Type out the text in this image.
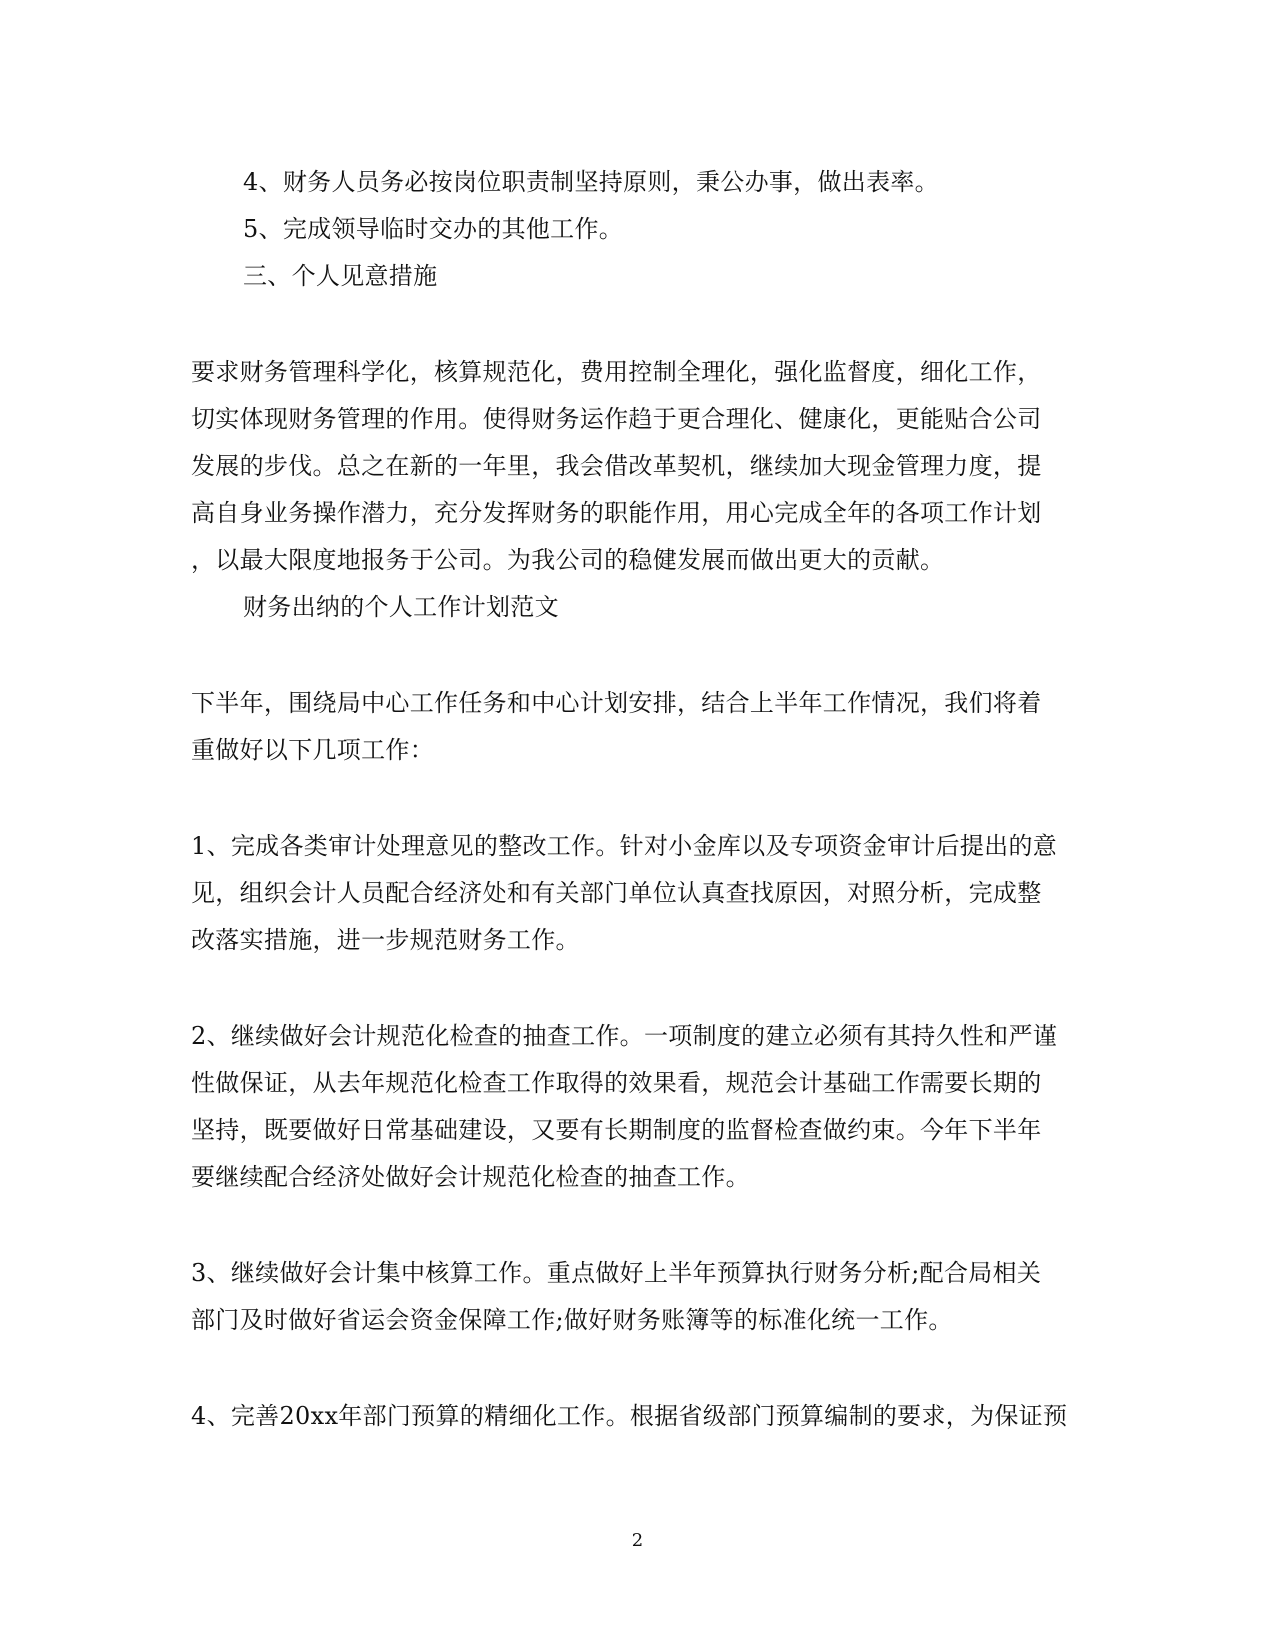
4、财务人员务必按岗位职责制坚持原则，秉公办事，做出表率。
5、完成领导临时交办的其他工作。
三、个人见意措施
要求财务管理科学化，核算规范化，费用控制全理化，强化监督度，细化工作，
切实体现财务管理的作用。使得财务运作趋于更合理化、健康化，更能贴合公司
发展的步伐。总之在新的一年里，我会借改革契机，继续加大现金管理力度，提
高自身业务操作潜力，充分发挥财务的职能作用，用心完成全年的各项工作计划
，以最大限度地报务于公司。为我公司的稳健发展而做出更大的贡献。
财务出纳的个人工作计划范文
下半年，围绕局中心工作任务和中心计划安排，结合上半年工作情况，我们将着
重做好以下几项工作：
1、完成各类审计处理意见的整改工作。针对小金库以及专项资金审计后提出的意
见，组织会计人员配合经济处和有关部门单位认真查找原因，对照分析，完成整
改落实措施，进一步规范财务工作。
2、继续做好会计规范化检查的抽查工作。一项制度的建立必须有其持久性和严谨
性做保证，从去年规范化检查工作取得的效果看，规范会计基础工作需要长期的
坚持，既要做好日常基础建设，又要有长期制度的监督检查做约束。今年下半年
要继续配合经济处做好会计规范化检查的抽查工作。
3、继续做好会计集中核算工作。重点做好上半年预算执行财务分析;配合局相关
部门及时做好省运会资金保障工作;做好财务账簿等的标准化统一工作。
4、完善20xx年部门预算的精细化工作。根据省级部门预算编制的要求，为保证预
2
